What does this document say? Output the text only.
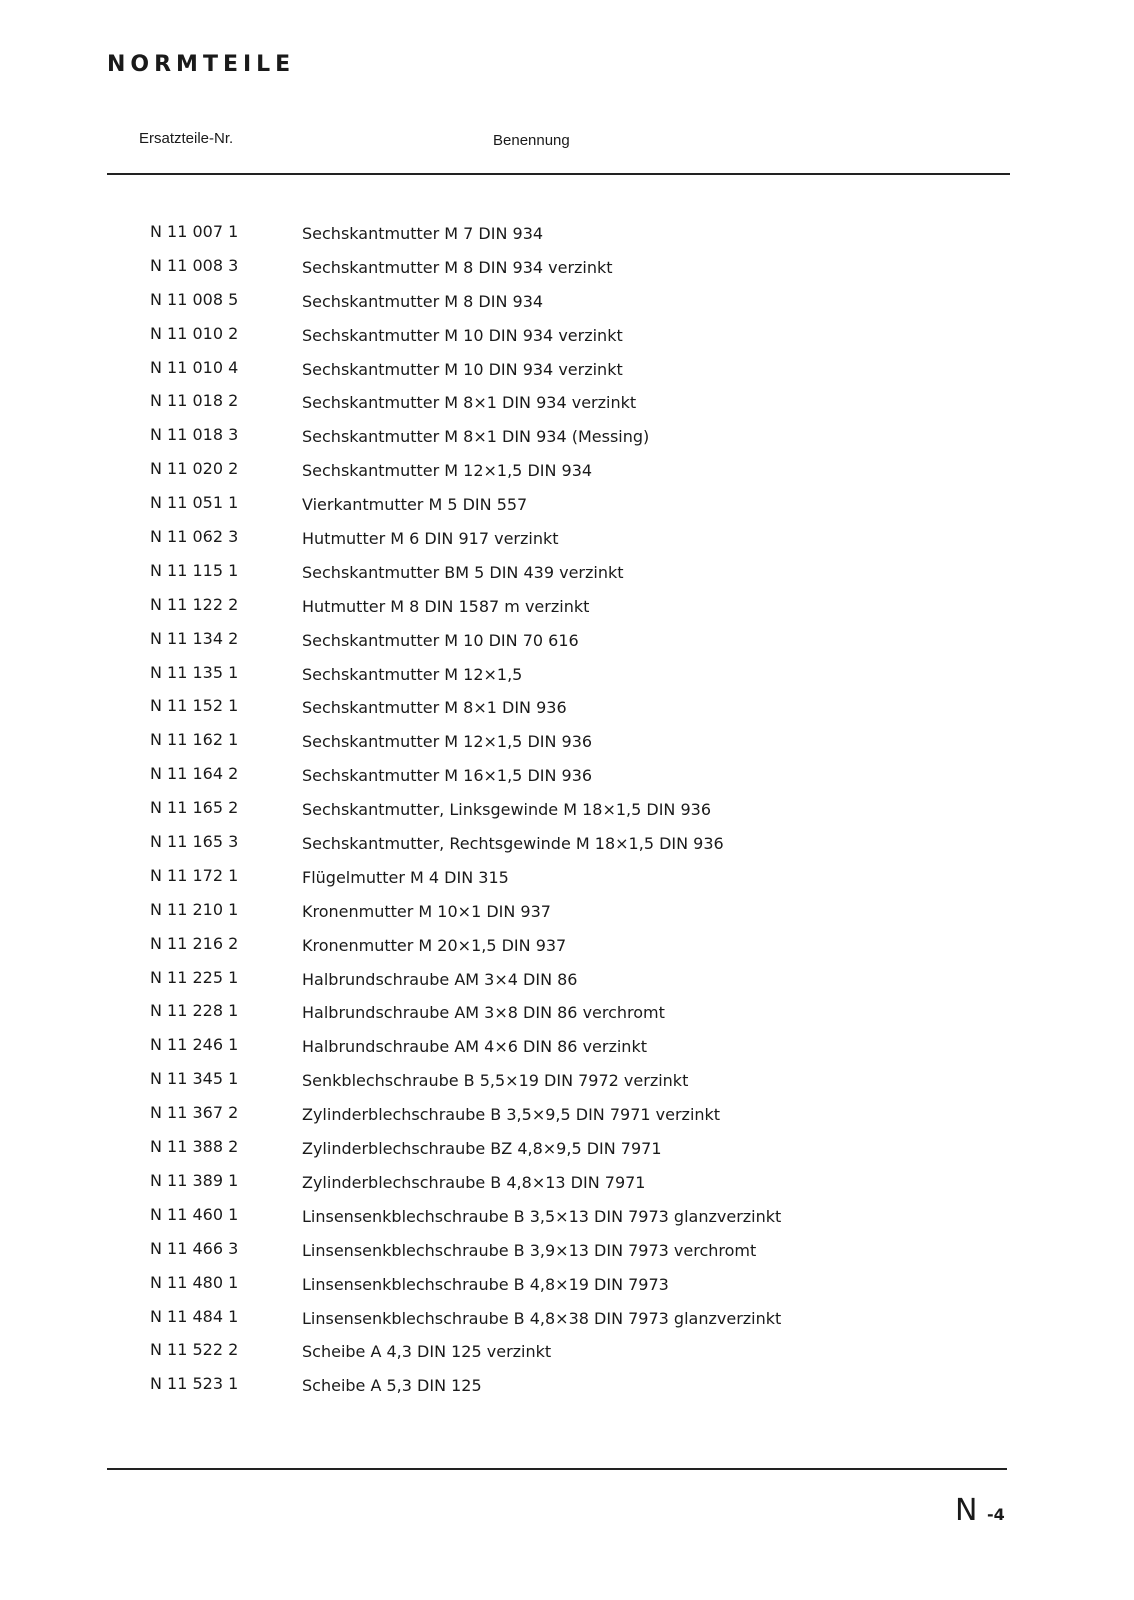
NORMTEILE
Ersatzteile-Nr.	Benennung
N 11 007 1	Sechskantmutter M 7 DIN 934
N 11 008 3	Sechskantmutter M 8 DIN 934 verzinkt
N 11 008 5	Sechskantmutter M 8 DIN 934
N 11 010 2	Sechskantmutter M 10 DIN 934 verzinkt
N 11 010 4	Sechskantmutter M 10 DIN 934 verzinkt
N 11 018 2	Sechskantmutter M 8×1 DIN 934 verzinkt
N 11 018 3	Sechskantmutter M 8×1 DIN 934 (Messing)
N 11 020 2	Sechskantmutter M 12×1,5 DIN 934
N 11 051 1	Vierkantmutter M 5 DIN 557
N 11 062 3	Hutmutter M 6 DIN 917 verzinkt
N 11 115 1	Sechskantmutter BM 5 DIN 439 verzinkt
N 11 122 2	Hutmutter M 8 DIN 1587 m verzinkt
N 11 134 2	Sechskantmutter M 10 DIN 70 616
N 11 135 1	Sechskantmutter M 12×1,5
N 11 152 1	Sechskantmutter M 8×1 DIN 936
N 11 162 1	Sechskantmutter M 12×1,5 DIN 936
N 11 164 2	Sechskantmutter M 16×1,5 DIN 936
N 11 165 2	Sechskantmutter, Linksgewinde M 18×1,5 DIN 936
N 11 165 3	Sechskantmutter, Rechtsgewinde M 18×1,5 DIN 936
N 11 172 1	Flügelmutter M 4 DIN 315
N 11 210 1	Kronenmutter M 10×1 DIN 937
N 11 216 2	Kronenmutter M 20×1,5 DIN 937
N 11 225 1	Halbrundschraube AM 3×4 DIN 86
N 11 228 1	Halbrundschraube AM 3×8 DIN 86 verchromt
N 11 246 1	Halbrundschraube AM 4×6 DIN 86 verzinkt
N 11 345 1	Senkblechschraube B 5,5×19 DIN 7972 verzinkt
N 11 367 2	Zylinderblechschraube B 3,5×9,5 DIN 7971 verzinkt
N 11 388 2	Zylinderblechschraube BZ 4,8×9,5 DIN 7971
N 11 389 1	Zylinderblechschraube B 4,8×13 DIN 7971
N 11 460 1	Linsensenkblechschraube B 3,5×13 DIN 7973 glanzverzinkt
N 11 466 3	Linsensenkblechschraube B 3,9×13 DIN 7973 verchromt
N 11 480 1	Linsensenkblechschraube B 4,8×19 DIN 7973
N 11 484 1	Linsensenkblechschraube B 4,8×38 DIN 7973 glanzverzinkt
N 11 522 2	Scheibe A 4,3 DIN 125 verzinkt
N 11 523 1	Scheibe A 5,3 DIN 125
N -4
